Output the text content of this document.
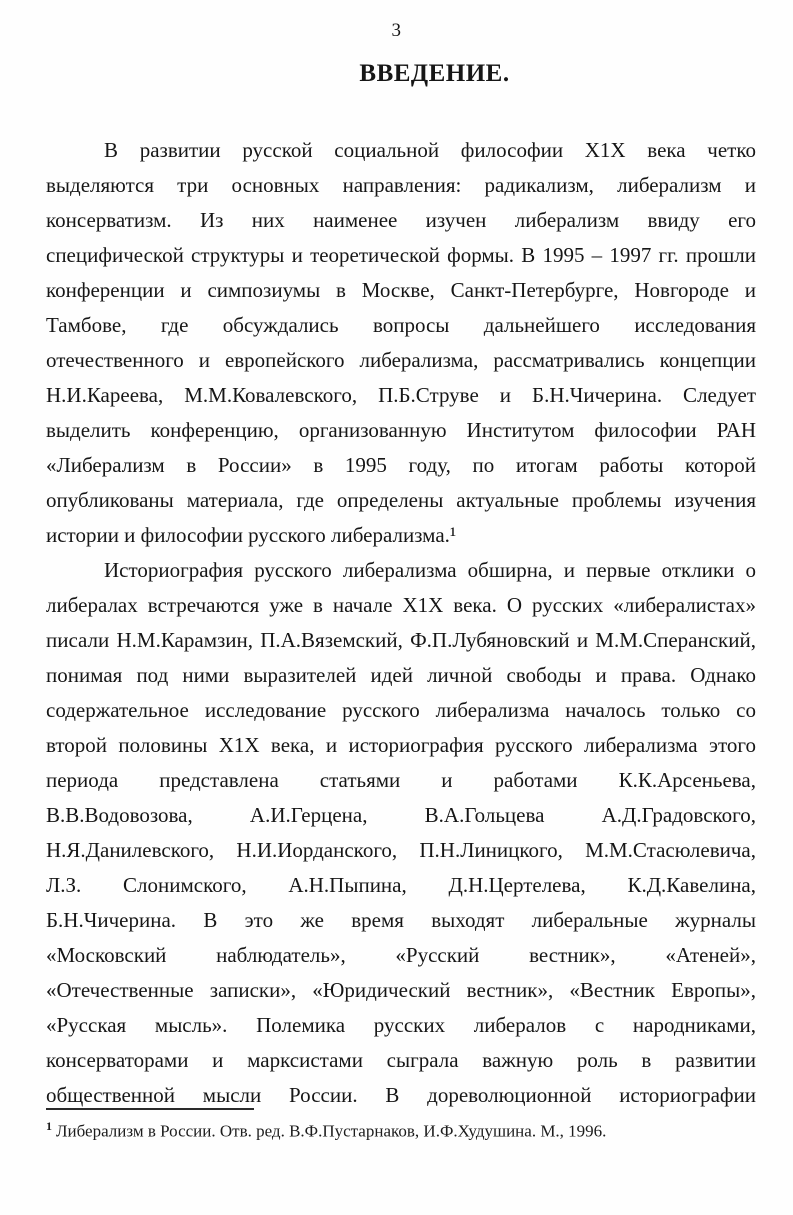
3
ВВЕДЕНИЕ.
В развитии русской социальной философии Х1Х века четко
выделяются три основных направления: радикализм, либерализм и
консерватизм. Из них наименее изучен либерализм ввиду его
специфической структуры и теоретической формы. В 1995 – 1997 гг. прошли
конференции и симпозиумы в Москве, Санкт-Петербурге, Новгороде и
Тамбове, где обсуждались вопросы дальнейшего исследования
отечественного и европейского либерализма, рассматривались концепции
Н.И.Кареева, М.М.Ковалевского, П.Б.Струве и Б.Н.Чичерина. Следует
выделить конференцию, организованную Институтом философии РАН
«Либерализм в России» в 1995 году, по итогам работы которой
опубликованы материала, где определены актуальные проблемы изучения
истории и философии русского либерализма.¹
Историография русского либерализма обширна, и первые отклики о
либералах встречаются уже в начале Х1Х века. О русских «либералистах»
писали Н.М.Карамзин, П.А.Вяземский, Ф.П.Лубяновский и М.М.Сперанский,
понимая под ними выразителей идей личной свободы и права. Однако
содержательное исследование русского либерализма началось только со
второй половины Х1Х века, и историография русского либерализма этого
периода представлена статьями и работами К.К.Арсеньева,
В.В.Водовозова, А.И.Герцена, В.А.Гольцева А.Д.Градовского,
Н.Я.Данилевского, Н.И.Иорданского, П.Н.Линицкого, М.М.Стасюлевича,
Л.З. Слонимского, А.Н.Пыпина, Д.Н.Цертелева, К.Д.Кавелина,
Б.Н.Чичерина. В это же время выходят либеральные журналы
«Московский наблюдатель», «Русский вестник», «Атеней»,
«Отечественные записки», «Юридический вестник», «Вестник Европы»,
«Русская мысль». Полемика русских либералов с народниками,
консерваторами и марксистами сыграла важную роль в развитии
общественной мысли России. В дореволюционной историографии
$^1$ Либерализм в России. Отв. ред. В.Ф.Пустарнаков, И.Ф.Худушина. М., 1996.
